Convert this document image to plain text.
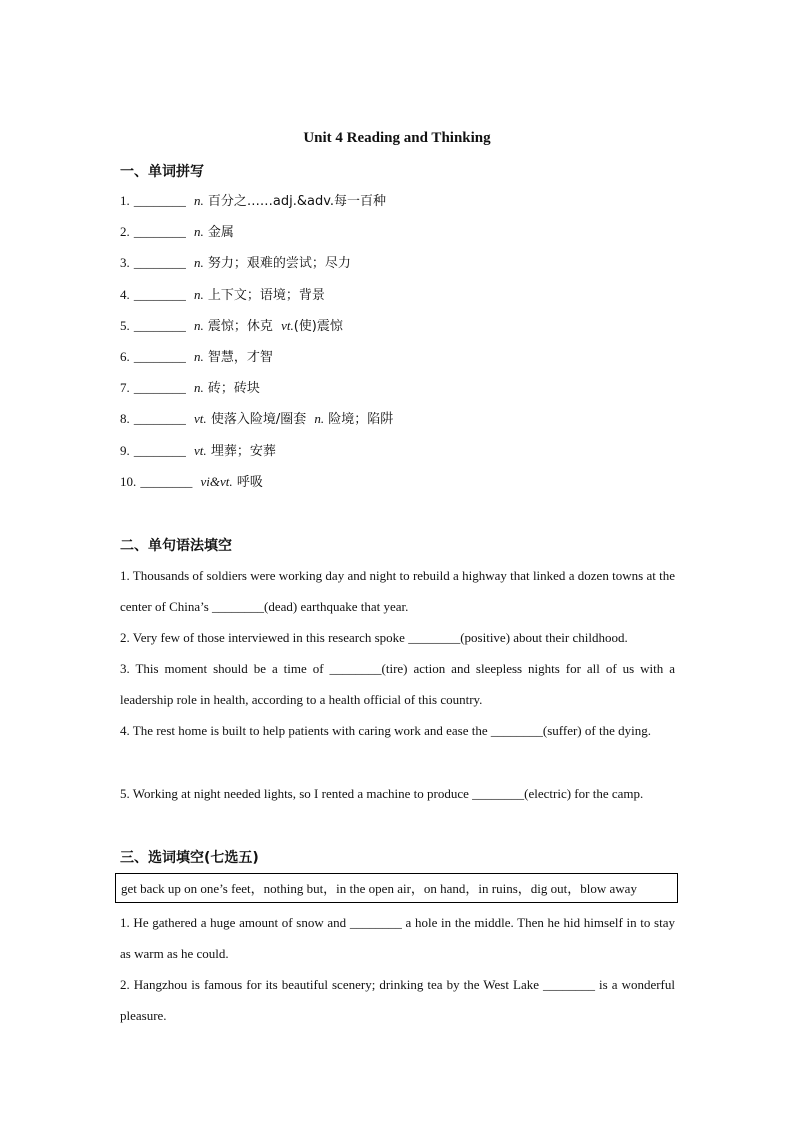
Unit 4 Reading and Thinking
一、单词拼写
1. ________ n. 百分之……adj.&adv.每一百种
2. ________ n. 金属
3. ________ n. 努力；艰难的尝试；尽力
4. ________ n. 上下文；语境；背景
5. ________ n. 震惊；休克 vt.(使)震惊
6. ________ n. 智慧，才智
7. ________ n. 砖；砖块
8. ________ vt. 使落入险境/圈套 n. 险境；陷阱
9. ________ vt. 埋葬；安葬
10. ________ vi&vt. 呼吸
二、单句语法填空
1. Thousands of soldiers were working day and night to rebuild a highway that linked a dozen towns at the center of China’s ________(dead) earthquake that year.
2. Very few of those interviewed in this research spoke ________(positive) about their childhood.
3. This moment should be a time of ________(tire) action and sleepless nights for all of us with a leadership role in health, according to a health official of this country.
4. The rest home is built to help patients with caring work and ease the ________(suffer) of the dying.
5. Working at night needed lights, so I rented a machine to produce ________(electric) for the camp.
三、选词填空(七选五)
get back up on one’s feet，nothing but，in the open air，on hand，in ruins，dig out，blow away
1. He gathered a huge amount of snow and ________ a hole in the middle. Then he hid himself in to stay as warm as he could.
2. Hangzhou is famous for its beautiful scenery; drinking tea by the West Lake ________ is a wonderful pleasure.
